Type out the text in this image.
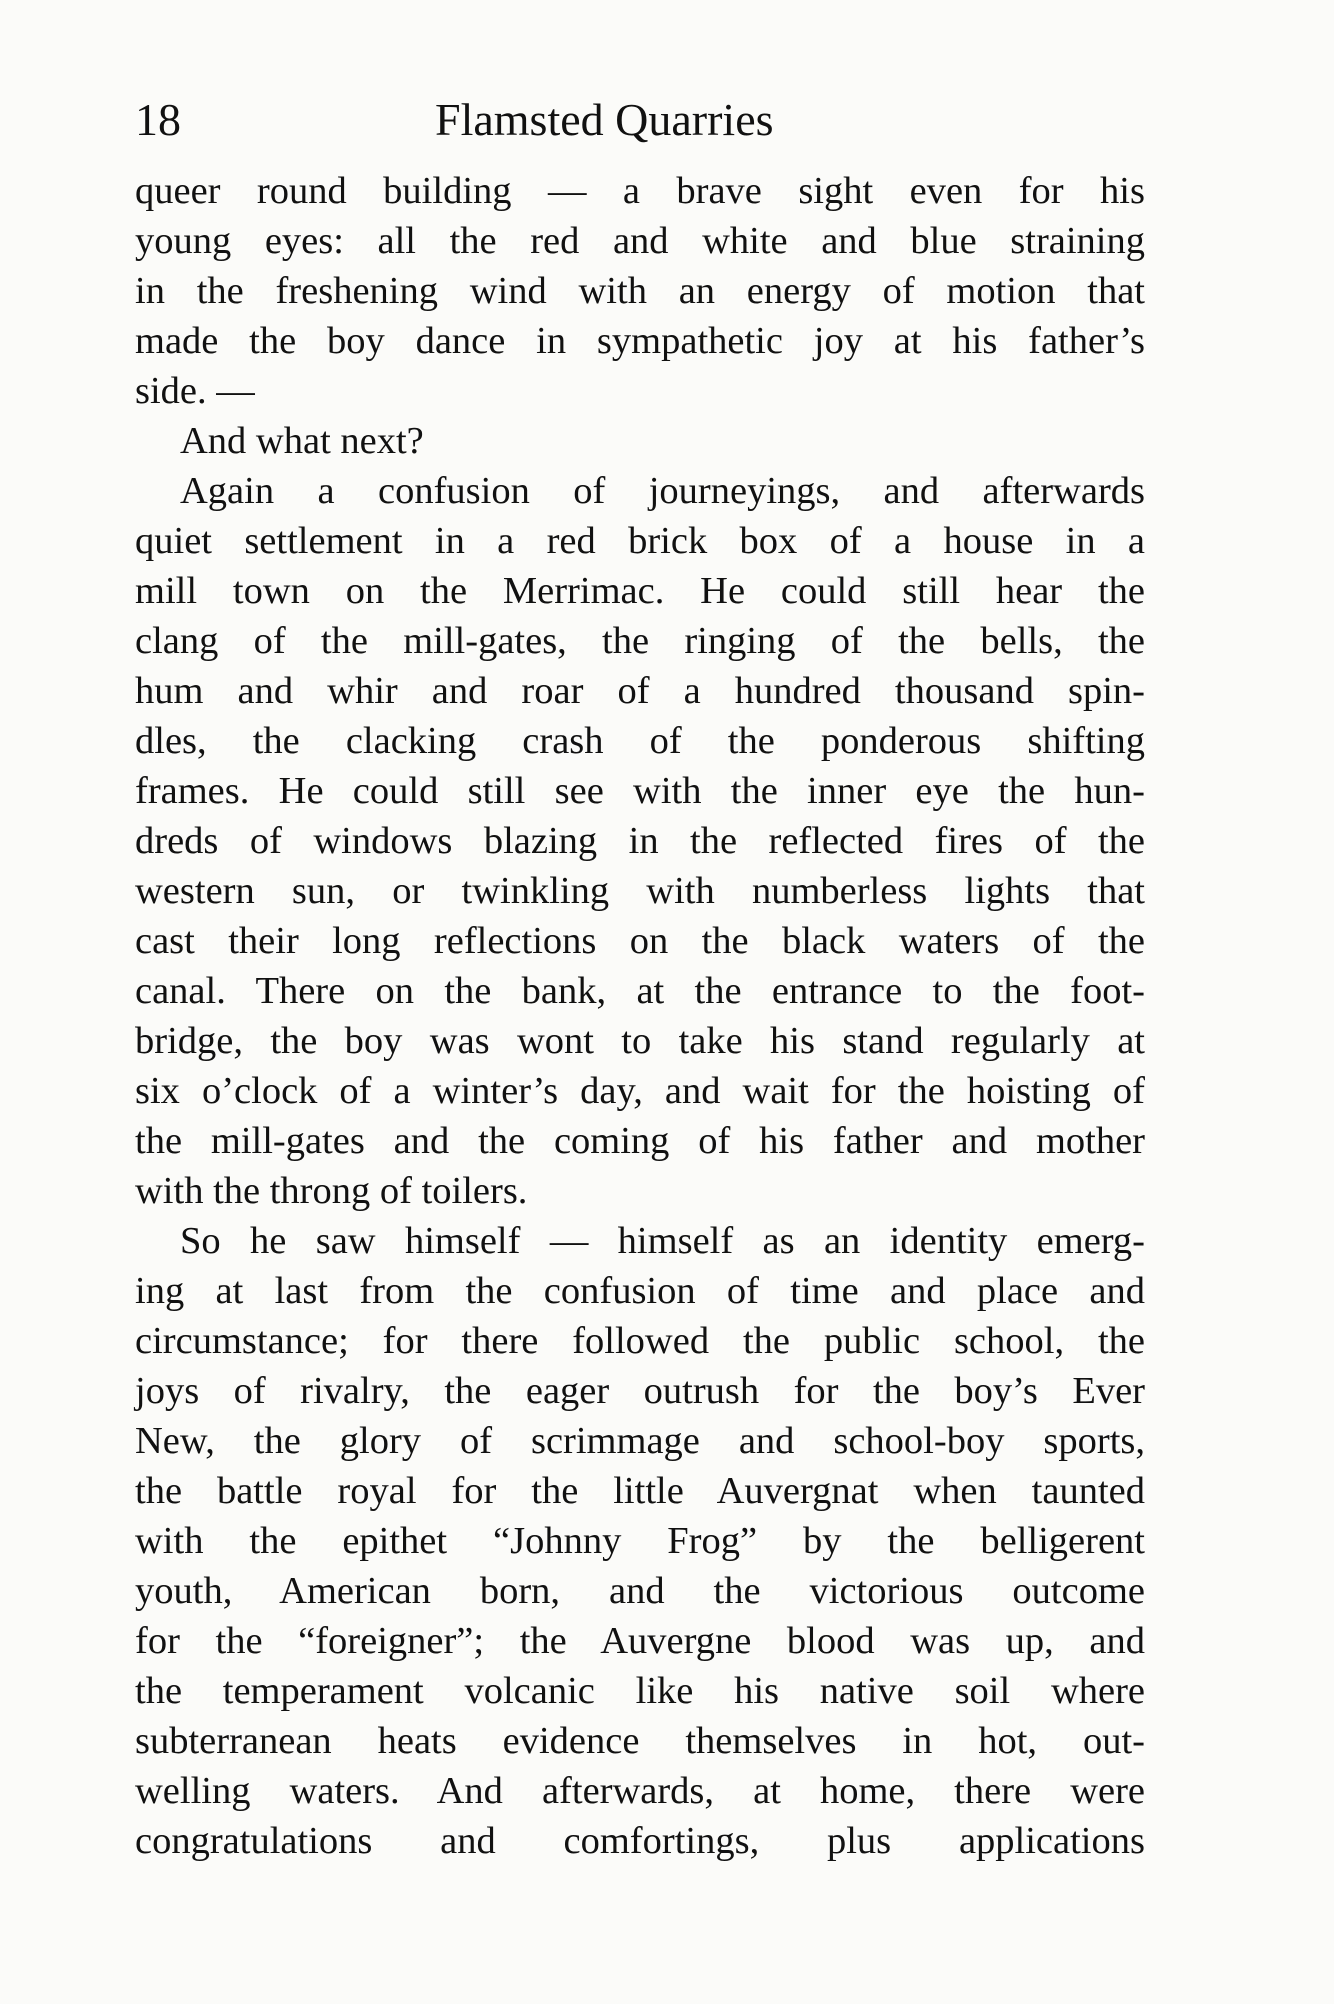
18	Flamsted Quarries
queer round building — a brave sight even for his
young eyes: all the red and white and blue straining
in the freshening wind with an energy of motion that
made the boy dance in sympathetic joy at his father’s
side. —
And what next?
Again a confusion of journeyings, and afterwards
quiet settlement in a red brick box of a house in a
mill town on the Merrimac. He could still hear the
clang of the mill-gates, the ringing of the bells, the
hum and whir and roar of a hundred thousand spin-
dles, the clacking crash of the ponderous shifting
frames. He could still see with the inner eye the hun-
dreds of windows blazing in the reflected fires of the
western sun, or twinkling with numberless lights that
cast their long reflections on the black waters of the
canal. There on the bank, at the entrance to the foot-
bridge, the boy was wont to take his stand regularly at
six o’clock of a winter’s day, and wait for the hoisting of
the mill-gates and the coming of his father and mother
with the throng of toilers.
So he saw himself — himself as an identity emerg-
ing at last from the confusion of time and place and
circumstance; for there followed the public school, the
joys of rivalry, the eager outrush for the boy’s Ever
New, the glory of scrimmage and school-boy sports,
the battle royal for the little Auvergnat when taunted
with the epithet “Johnny Frog” by the belligerent
youth, American born, and the victorious outcome
for the “foreigner”; the Auvergne blood was up, and
the temperament volcanic like his native soil where
subterranean heats evidence themselves in hot, out-
welling waters. And afterwards, at home, there were
congratulations and comfortings, plus applications
